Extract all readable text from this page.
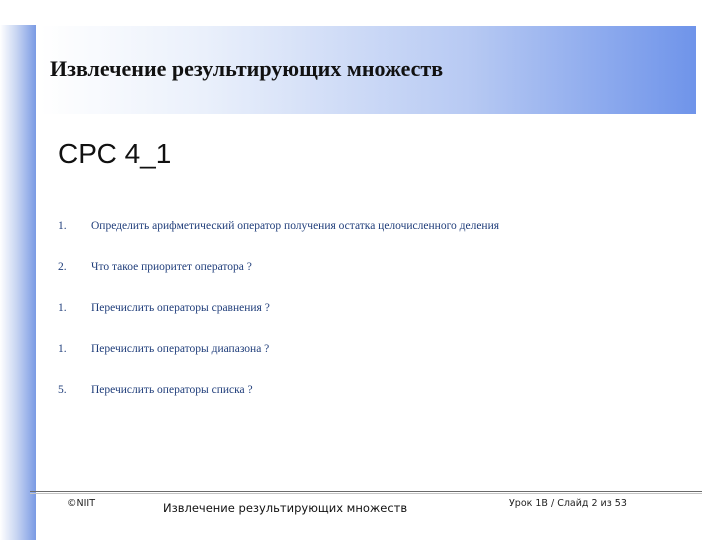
Извлечение результирующих множеств
СРС 4_1
1. Определить арифметический оператор получения остатка целочисленного деления
2. Что такое приоритет оператора ?
1. Перечислить операторы сравнения ?
1. Перечислить операторы диапазона ?
5. Перечислить операторы списка ?
©NIIT	Извлечение результирующих множеств	Урок 1В / Слайд 2 из 53
